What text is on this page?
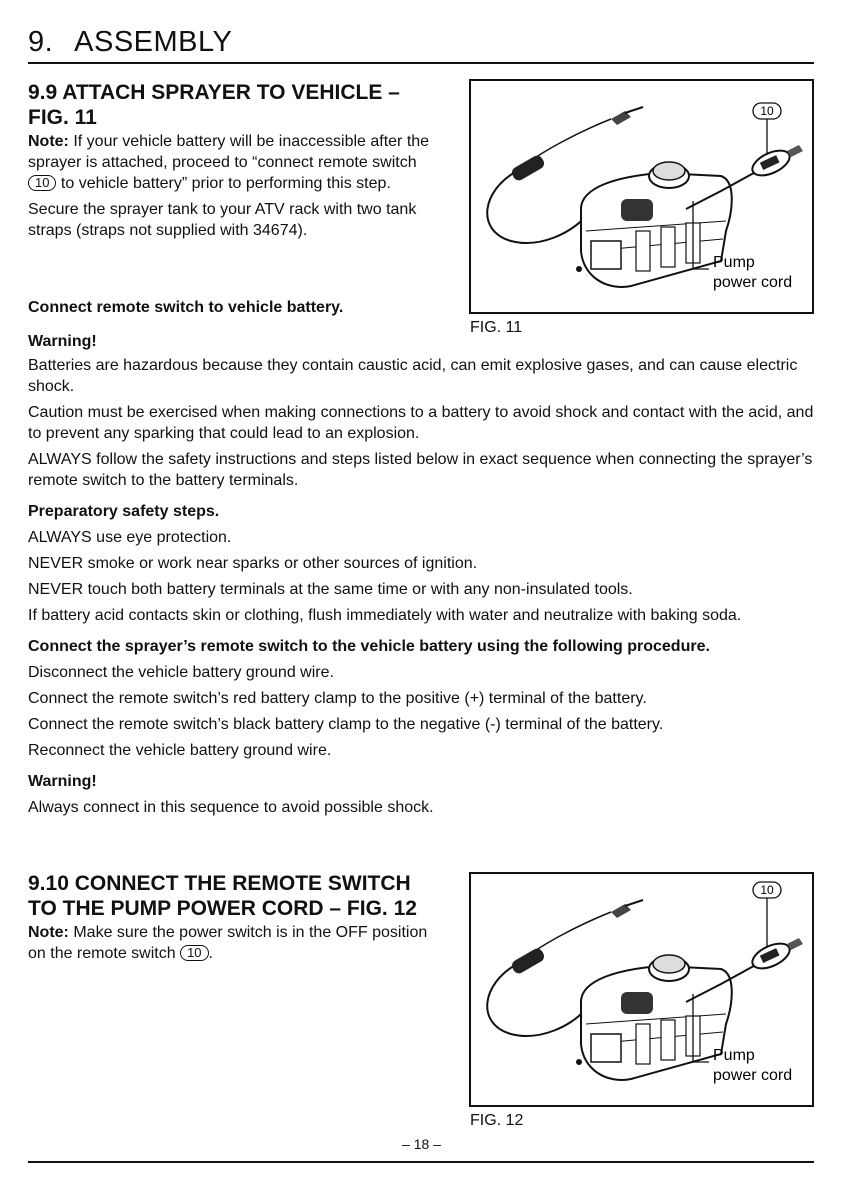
9. ASSEMBLY
9.9 ATTACH SPRAYER TO VEHICLE –
FIG. 11

Note: If your vehicle battery will be inaccessible after the sprayer is attached, proceed to “connect remote switch 10 to vehicle battery” prior to performing this step.

Secure the sprayer tank to your ATV rack with two tank straps (straps not supplied with 34674).

Connect remote switch to vehicle battery.
Warning!

Batteries are hazardous because they contain caustic acid, can emit explosive gases, and can cause electric shock.

Caution must be exercised when making connections to a battery to avoid shock and contact with the acid, and to prevent any sparking that could lead to an explosion.

ALWAYS follow the safety instructions and steps listed below in exact sequence when connecting the sprayer’s remote switch to the battery terminals.

Preparatory safety steps.

ALWAYS use eye protection.

NEVER smoke or work near sparks or other sources of ignition.

NEVER touch both battery terminals at the same time or with any non-insulated tools.

If battery acid contacts skin or clothing, flush immediately with water and neutralize with baking soda.

Connect the sprayer’s remote switch to the vehicle battery using the following procedure.

Disconnect the vehicle battery ground wire.

Connect the remote switch’s red battery clamp to the positive (+) terminal of the battery.

Connect the remote switch’s black battery clamp to the negative (-) terminal of the battery.

Reconnect the vehicle battery ground wire.

Warning!

Always connect in this sequence to avoid possible shock.

9.10 CONNECT THE REMOTE SWITCH
TO THE PUMP POWER CORD – FIG. 12

Note: Make sure the power switch is in the OFF position on the remote switch 10 .

10
Pump
power cord
FIG. 11
10
Pump
power cord
FIG. 12
– 18 –
